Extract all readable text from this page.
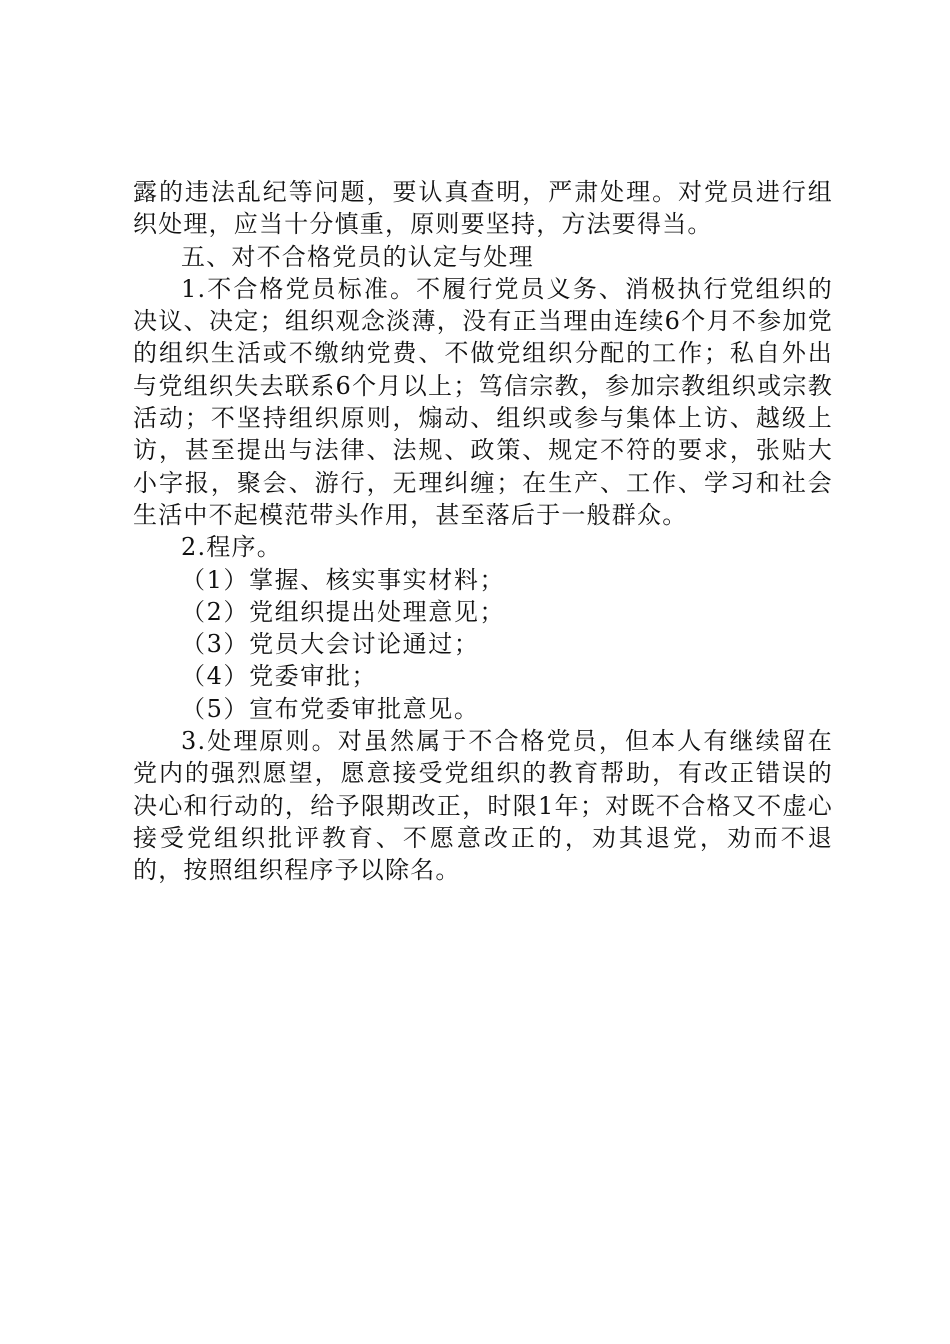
露的违法乱纪等问题，要认真查明，严肃处理。对党员进行组织处理，应当十分慎重，原则要坚持，方法要得当。

五、对不合格党员的认定与处理

1.不合格党员标准。不履行党员义务、消极执行党组织的决议、决定；组织观念淡薄，没有正当理由连续6个月不参加党的组织生活或不缴纳党费、不做党组织分配的工作；私自外出与党组织失去联系6个月以上；笃信宗教，参加宗教组织或宗教活动；不坚持组织原则，煽动、组织或参与集体上访、越级上访，甚至提出与法律、法规、政策、规定不符的要求，张贴大小字报，聚会、游行，无理纠缠；在生产、工作、学习和社会生活中不起模范带头作用，甚至落后于一般群众。

2.程序。

（1）掌握、核实事实材料；

（2）党组织提出处理意见；

（3）党员大会讨论通过；

（4）党委审批；

（5）宣布党委审批意见。

3.处理原则。对虽然属于不合格党员，但本人有继续留在党内的强烈愿望，愿意接受党组织的教育帮助，有改正错误的决心和行动的，给予限期改正，时限1年；对既不合格又不虚心接受党组织批评教育、不愿意改正的，劝其退党，劝而不退的，按照组织程序予以除名。
